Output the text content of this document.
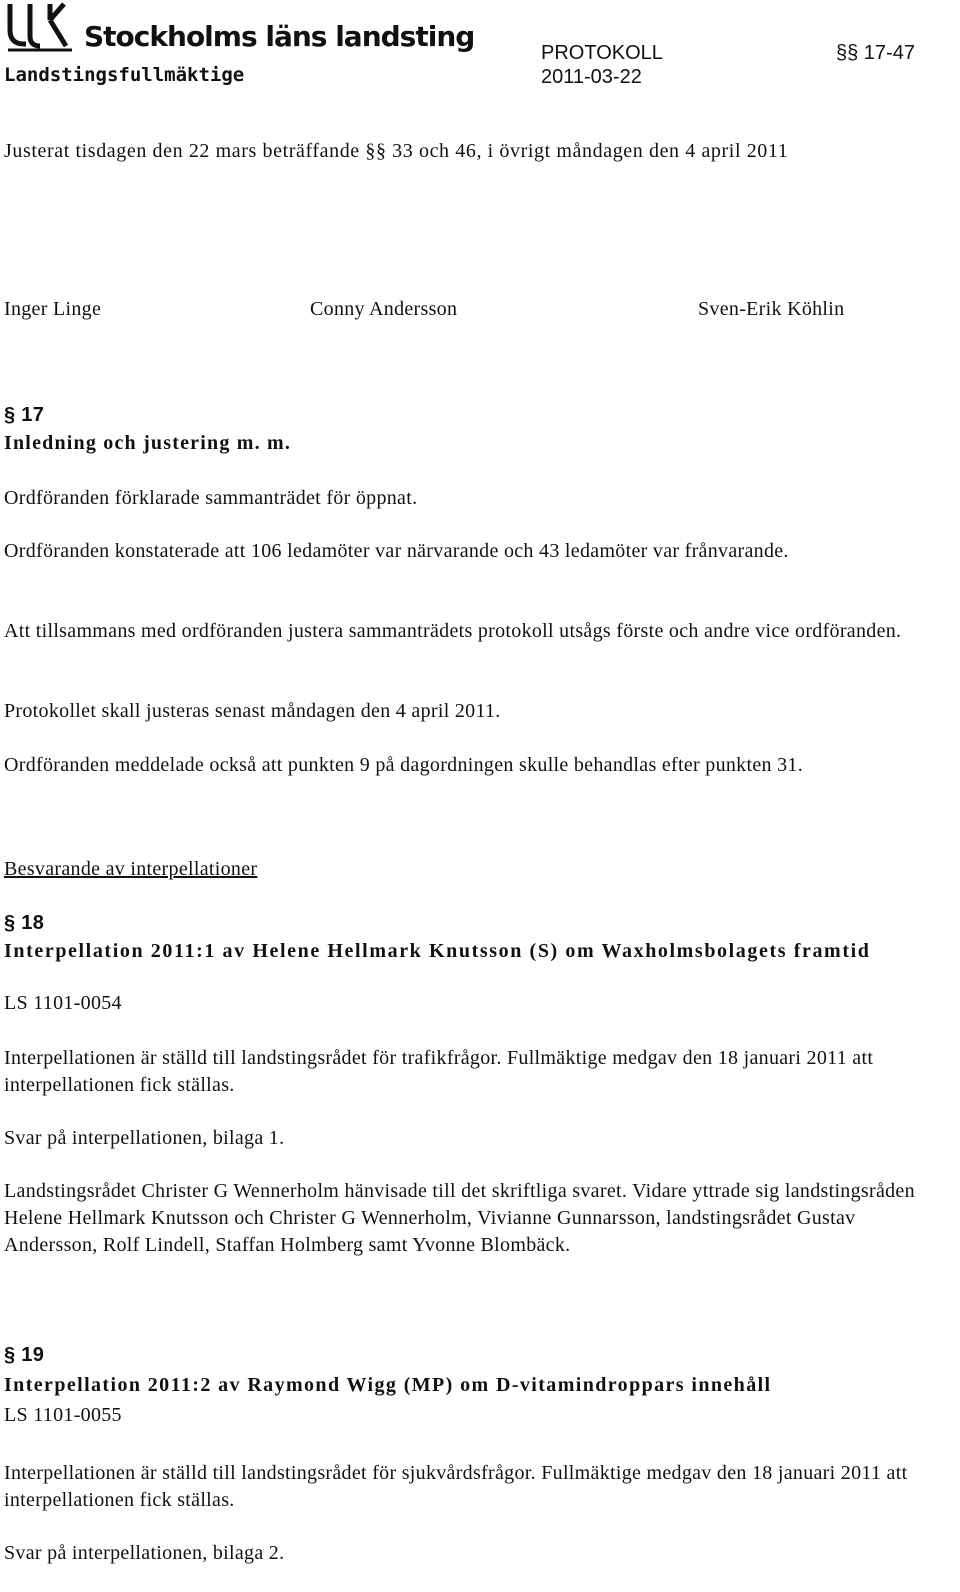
Stockholms läns landsting
Landstingsfullmäktige
PROTOKOLL
2011-03-22
§§ 17-47
Justerat tisdagen den 22 mars beträffande §§ 33 och 46, i övrigt måndagen den 4 april 2011
Inger Linge	Conny Andersson	Sven-Erik Köhlin
§ 17
Inledning och justering m. m.
Ordföranden förklarade sammanträdet för öppnat.
Ordföranden konstaterade att 106 ledamöter var närvarande och 43 ledamöter var frånvarande.
Att tillsammans med ordföranden justera sammanträdets protokoll utsågs förste och andre vice ordföranden.
Protokollet skall justeras senast måndagen den 4 april 2011.
Ordföranden meddelade också att punkten 9 på dagordningen skulle behandlas efter punkten 31.
Besvarande av interpellationer
§ 18
Interpellation 2011:1 av Helene Hellmark Knutsson (S) om Waxholmsbolagets framtid
LS 1101-0054
Interpellationen är ställd till landstingsrådet för trafikfrågor. Fullmäktige medgav den 18 januari 2011 att interpellationen fick ställas.
Svar på interpellationen, bilaga 1.
Landstingsrådet Christer G Wennerholm hänvisade till det skriftliga svaret. Vidare yttrade sig landstingsråden Helene Hellmark Knutsson och Christer G Wennerholm, Vivianne Gunnarsson, landstingsrådet Gustav Andersson, Rolf Lindell, Staffan Holmberg samt Yvonne Blombäck.
§ 19
Interpellation 2011:2 av Raymond Wigg (MP) om D-vitamindroppars innehåll
LS 1101-0055
Interpellationen är ställd till landstingsrådet för sjukvårdsfrågor. Fullmäktige medgav den 18 januari 2011 att interpellationen fick ställas.
Svar på interpellationen, bilaga 2.
